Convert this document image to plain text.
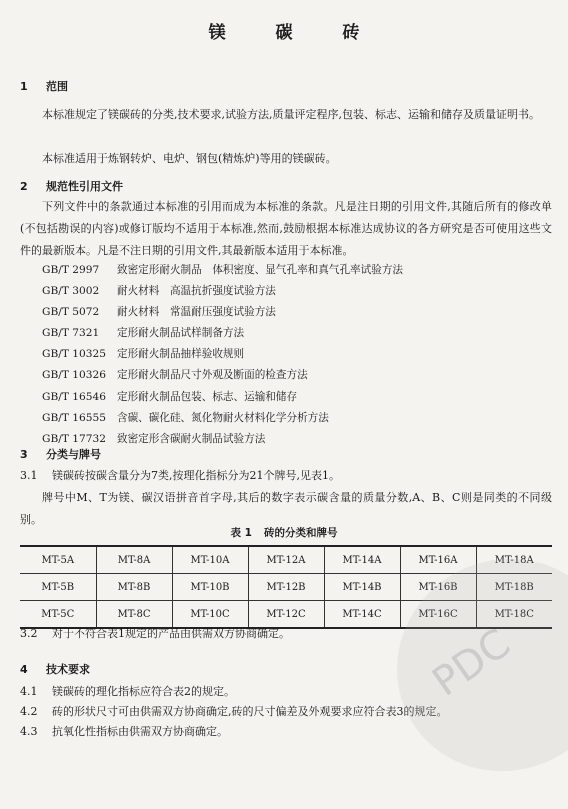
镁 碳 砖
1 范围
本标准规定了镁碳砖的分类,技术要求,试验方法,质量评定程序,包装、标志、运输和储存及质量证明书。
本标准适用于炼钢转炉、电炉、钢包(精炼炉)等用的镁碳砖。
2 规范性引用文件
下列文件中的条款通过本标准的引用而成为本标准的条款。凡是注日期的引用文件,其随后所有的修改单(不包括勘误的内容)或修订版均不适用于本标准,然而,鼓励根据本标准达成协议的各方研究是否可使用这些文件的最新版本。凡是不注日期的引用文件,其最新版本适用于本标准。
GB/T 2997 致密定形耐火制品　体积密度、显气孔率和真气孔率试验方法
GB/T 3002 耐火材料　高温抗折强度试验方法
GB/T 5072 耐火材料　常温耐压强度试验方法
GB/T 7321 定形耐火制品试样制备方法
GB/T 10325 定形耐火制品抽样验收规则
GB/T 10326 定形耐火制品尺寸外观及断面的检查方法
GB/T 16546 定形耐火制品包装、标志、运输和储存
GB/T 16555 含碳、碳化硅、氮化物耐火材料化学分析方法
GB/T 17732 致密定形含碳耐火制品试验方法
3 分类与牌号
3.1 镁碳砖按碳含量分为7类,按理化指标分为21个牌号,见表1。
牌号中M、T为镁、碳汉语拼音首字母,其后的数字表示碳含量的质量分数,A、B、C则是同类的不同级别。
表 1 砖的分类和牌号
MT-5A	MT-8A	MT-10A	MT-12A	MT-14A	MT-16A	MT-18A
MT-5B	MT-8B	MT-10B	MT-12B	MT-14B	MT-16B	MT-18B
MT-5C	MT-8C	MT-10C	MT-12C	MT-14C	MT-16C	MT-18C
3.2 对于不符合表1规定的产品由供需双方协商确定。
4 技术要求
4.1 镁碳砖的理化指标应符合表2的规定。
4.2 砖的形状尺寸可由供需双方协商确定,砖的尺寸偏差及外观要求应符合表3的规定。
4.3 抗氧化性指标由供需双方协商确定。
PDC
